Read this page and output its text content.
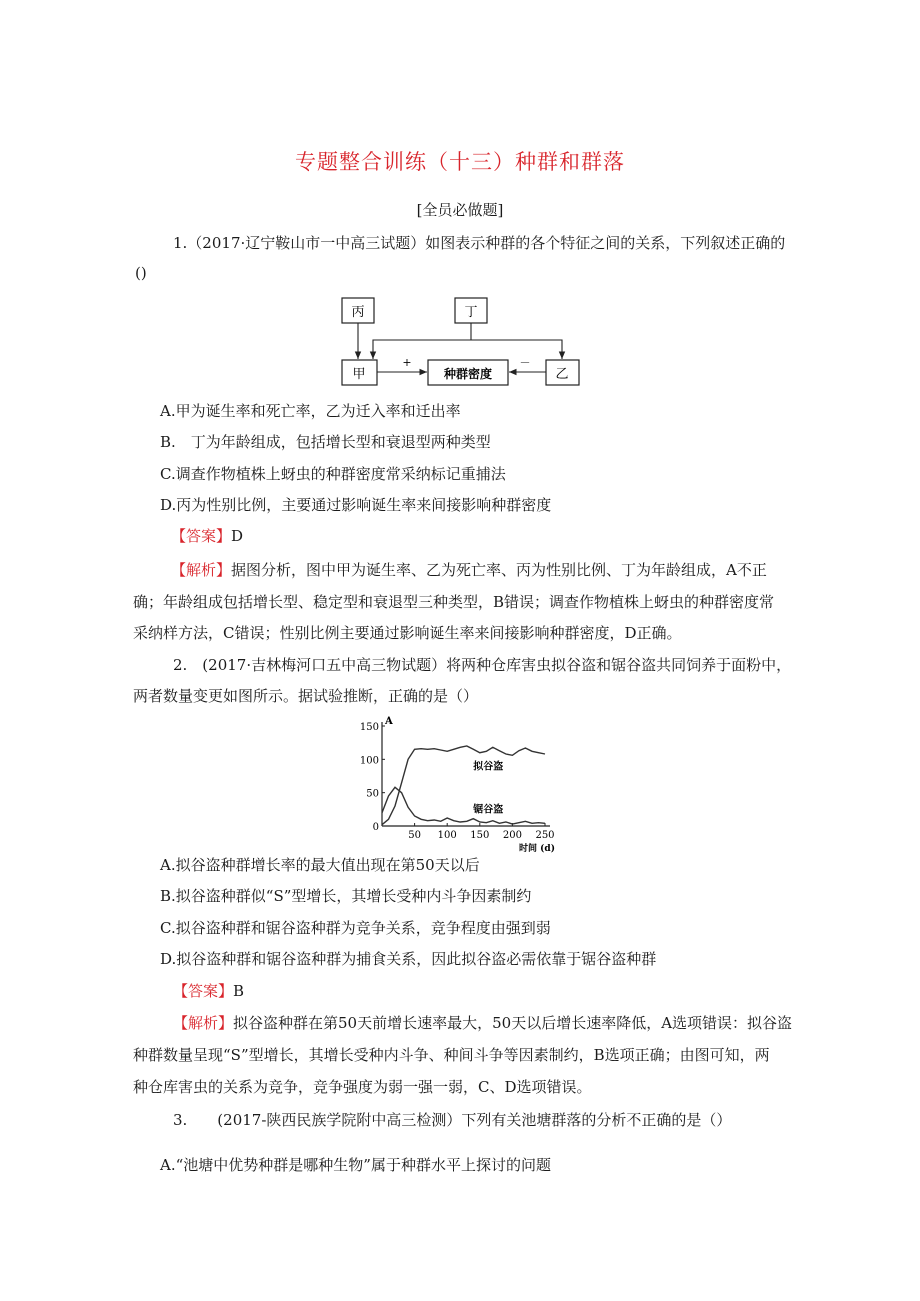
专题整合训练（十三）种群和群落
[全员必做题]
1.（2017·辽宁鞍山市一中高三试题）如图表示种群的各个特征之间的关系，下列叙述正确的
()
丙	丁
甲	种群密度	乙
+	－
A.甲为诞生率和死亡率，乙为迁入率和迁出率
B.　丁为年龄组成，包括增长型和衰退型两种类型
C.调查作物植株上蚜虫的种群密度常采纳标记重捕法
D.丙为性别比例，主要通过影响诞生率来间接影响种群密度
【答案】D
【解析】据图分析，图中甲为诞生率、乙为死亡率、丙为性别比例、丁为年龄组成，A不正
确；年龄组成包括增长型、稳定型和衰退型三种类型，B错误；调查作物植株上蚜虫的种群密度常
采纳样方法，C错误；性别比例主要通过影响诞生率来间接影响种群密度，D正确。
2.　(2017·吉林梅河口五中高三物试题）将两种仓库害虫拟谷盗和锯谷盗共同饲养于面粉中，
两者数量变更如图所示。据试验推断，正确的是（）
0
50
100
150
50 100 150 200 250
A
时间 (d)
拟谷盗
锯谷盗
A.拟谷盗种群增长率的最大值出现在第50天以后
B.拟谷盗种群似“S”型增长，其增长受种内斗争因素制约
C.拟谷盗种群和锯谷盗种群为竞争关系，竞争程度由强到弱
D.拟谷盗种群和锯谷盗种群为捕食关系，因此拟谷盗必需依靠于锯谷盗种群
【答案】B
【解析】拟谷盗种群在第50天前增长速率最大，50天以后增长速率降低，A选项错误：拟谷盗
种群数量呈现“S”型增长，其增长受种内斗争、种间斗争等因素制约，B选项正确；由图可知，两
种仓库害虫的关系为竞争，竞争强度为弱一强一弱，C、D选项错误。
3.　　(2017-陕西民族学院附中高三检测）下列有关池塘群落的分析不正确的是（）
A.“池塘中优势种群是哪种生物”属于种群水平上探讨的问题
